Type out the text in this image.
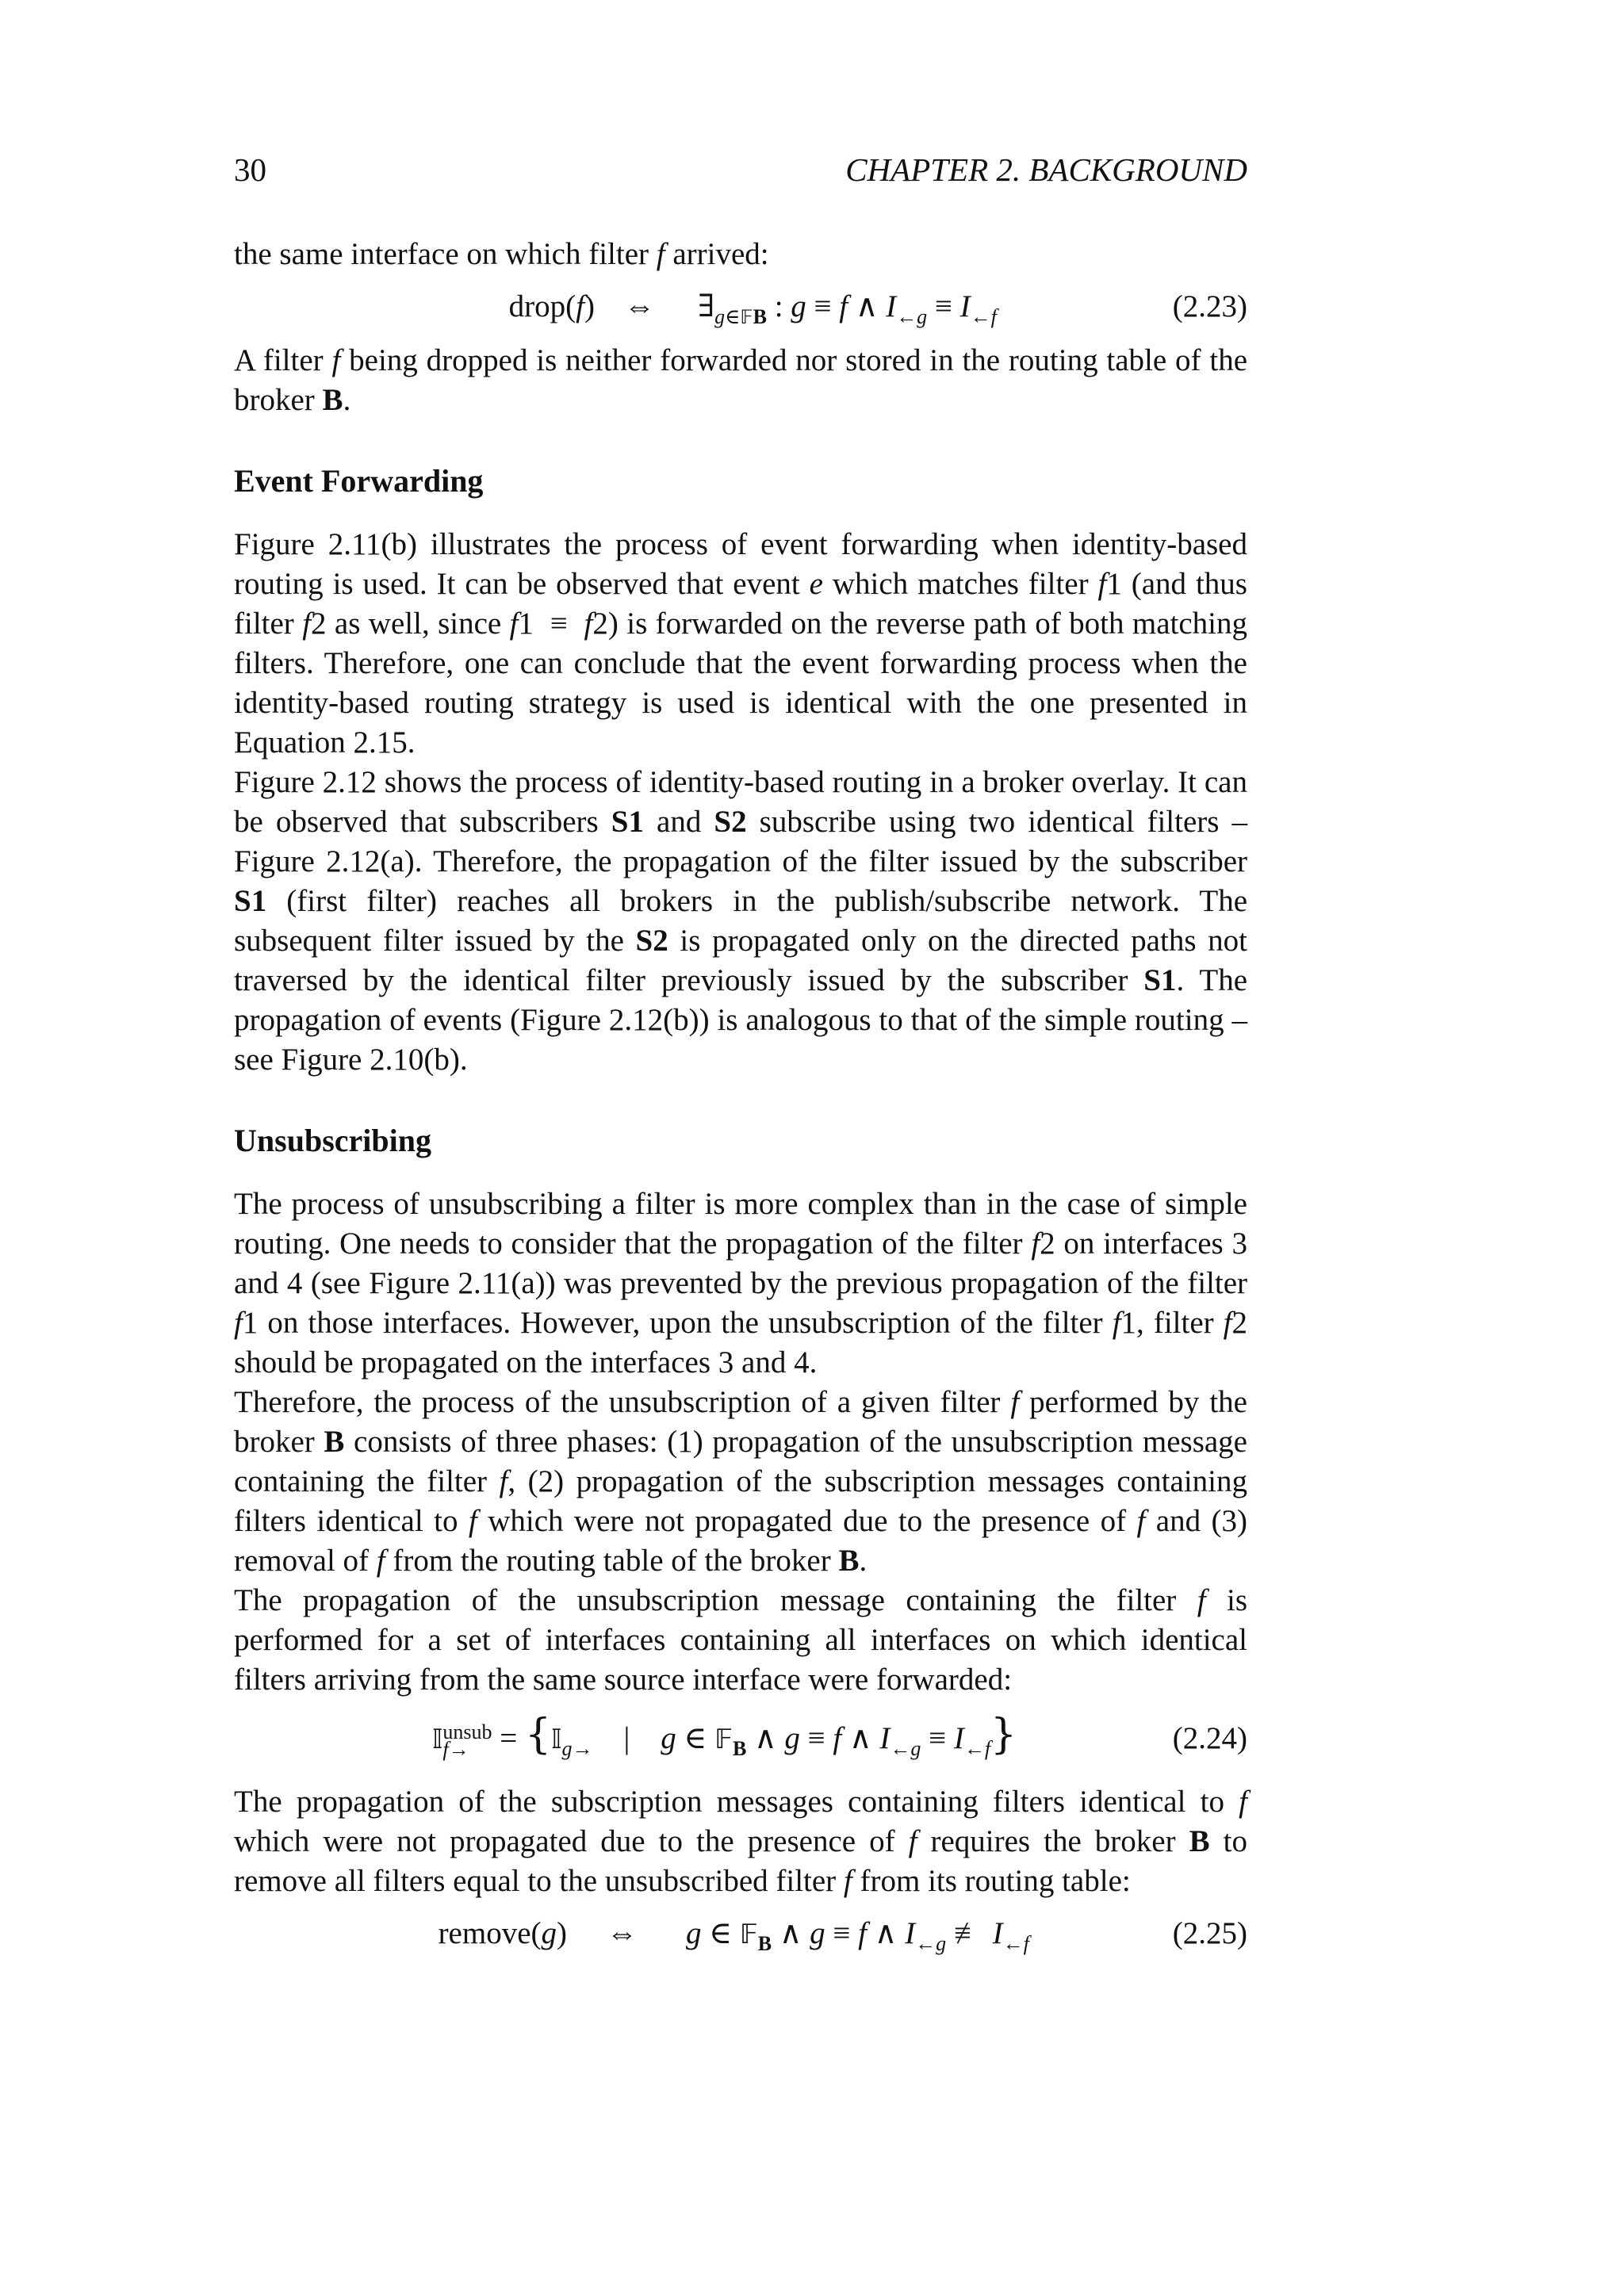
30	CHAPTER 2. BACKGROUND

the same interface on which filter f arrived:

drop(f) ⇔ $\exists_{g\in 𝔽B}$ : g ≡ f ∧ $I_{\leftarrow g} \equiv I_{\leftarrow f}$	(2.23)

A filter f being dropped is neither forwarded nor stored in the routing table of the broker B.

Event Forwarding

Figure 2.11(b) illustrates the process of event forwarding when identity-based routing is used. It can be observed that event e which matches filter f1 (and thus filter f2 as well, since f1  ≡  f2) is forwarded on the reverse path of both matching filters. Therefore, one can conclude that the event forwarding process when the identity-based routing strategy is used is identical with the one presented in Equation 2.15.

Figure 2.12 shows the process of identity-based routing in a broker overlay. It can be observed that subscribers S1 and S2 subscribe using two identical filters – Figure 2.12(a). Therefore, the propagation of the filter issued by the subscriber S1 (first filter) reaches all brokers in the publish/subscribe network. The subsequent filter issued by the S2 is propagated only on the directed paths not traversed by the identical filter previously issued by the subscriber S1. The propagation of events (Figure 2.12(b)) is analogous to that of the simple routing – see Figure 2.10(b).

Unsubscribing

The process of unsubscribing a filter is more complex than in the case of simple routing. One needs to consider that the propagation of the filter f2 on interfaces 3 and 4 (see Figure 2.11(a)) was prevented by the previous propagation of the filter f1 on those interfaces. However, upon the unsubscription of the filter f1, filter f2 should be propagated on the interfaces 3 and 4.

Therefore, the process of the unsubscription of a given filter f performed by the broker B consists of three phases: (1) propagation of the unsubscription message containing the filter f, (2) propagation of the subscription messages containing filters identical to f which were not propagated due to the presence of f and (3) removal of f from the routing table of the broker B.

The propagation of the unsubscription message containing the filter f is performed for a set of interfaces containing all interfaces on which identical filters arriving from the same source interface were forwarded:

𝕀 unsub
f→ = {𝕀$_{g\to}$    |    g ∈ 𝔽$_B$ ∧ g ≡ f ∧ $I_{\leftarrow g} \equiv I_{\leftarrow f}$}	(2.24)

The propagation of the subscription messages containing filters identical to f which were not propagated due to the presence of f requires the broker B to remove all filters equal to the unsubscribed filter f from its routing table:

remove(g) ⇔ g ∈ 𝔽$_B$ ∧ g ≡ f ∧ $I_{\leftarrow g}$ ≢ $I_{\leftarrow f}$	(2.25)
